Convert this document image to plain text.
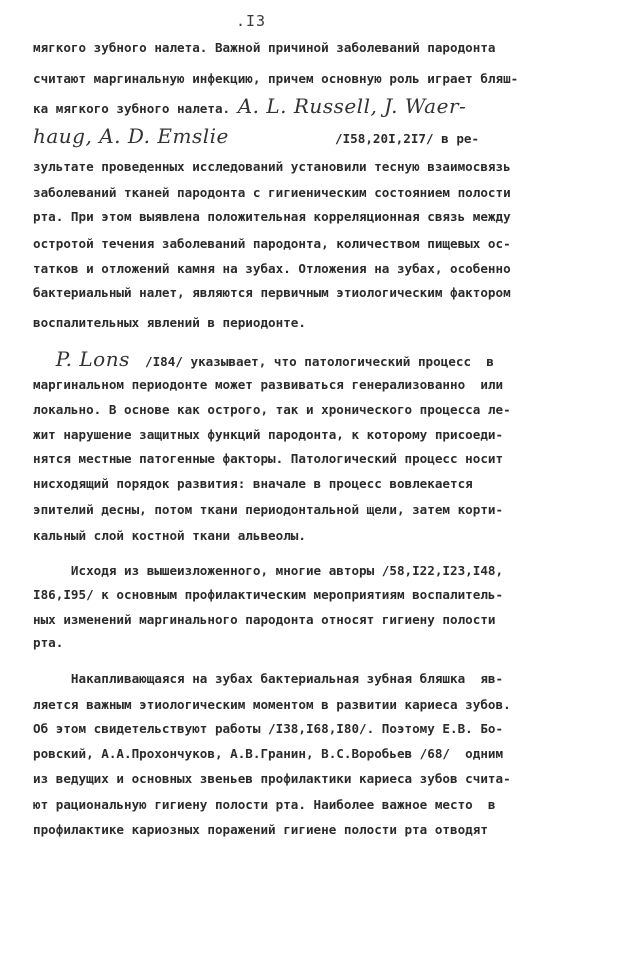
.I3
мягкого зубного налета. Важной причиной заболеваний пародонта
считают маргинальную инфекцию, причем основную роль играет бляш-
ка мягкого зубного налета. A. L. Russell, J. Waer-
haug, A. D. Emslie              /I58,20I,2I7/ в ре-
зультате проведенных исследований установили тесную взаимосвязь
заболеваний тканей пародонта с гигиеническим состоянием полости
рта. При этом выявлена положительная корреляционная связь между
остротой течения заболеваний пародонта, количеством пищевых ос-
татков и отложений камня на зубах. Отложения на зубах, особенно
бактериальный налет, являются первичным этиологическим фактором
воспалительных явлений в периодонте.
P. Lons  /I84/ указывает, что патологический процесс  в
маргинальном периодонте может развиваться генерализованно  или
локально. В основе как острого, так и хронического процесса ле-
жит нарушение защитных функций пародонта, к которому присоеди-
нятся местные патогенные факторы. Патологический процесс носит
нисходящий порядок развития: вначале в процесс вовлекается
эпителий десны, потом ткани периодонтальной щели, затем корти-
кальный слой костной ткани альвеолы.
Исходя из вышеизложенного, многие авторы /58,I22,I23,I48,
I86,I95/ к основным профилактическим мероприятиям воспалитель-
ных изменений маргинального пародонта относят гигиену полости
рта.
Накапливающаяся на зубах бактериальная зубная бляшка  яв-
ляется важным этиологическим моментом в развитии кариеса зубов.
Об этом свидетельствуют работы /I38,I68,I80/. Поэтому Е.В. Бо-
ровский, А.А.Прохончуков, А.В.Гранин, В.С.Воробьев /68/  одним
из ведущих и основных звеньев профилактики кариеса зубов счита-
ют рациональную гигиену полости рта. Наиболее важное место  в
профилактике кариозных поражений гигиене полости рта отводят
